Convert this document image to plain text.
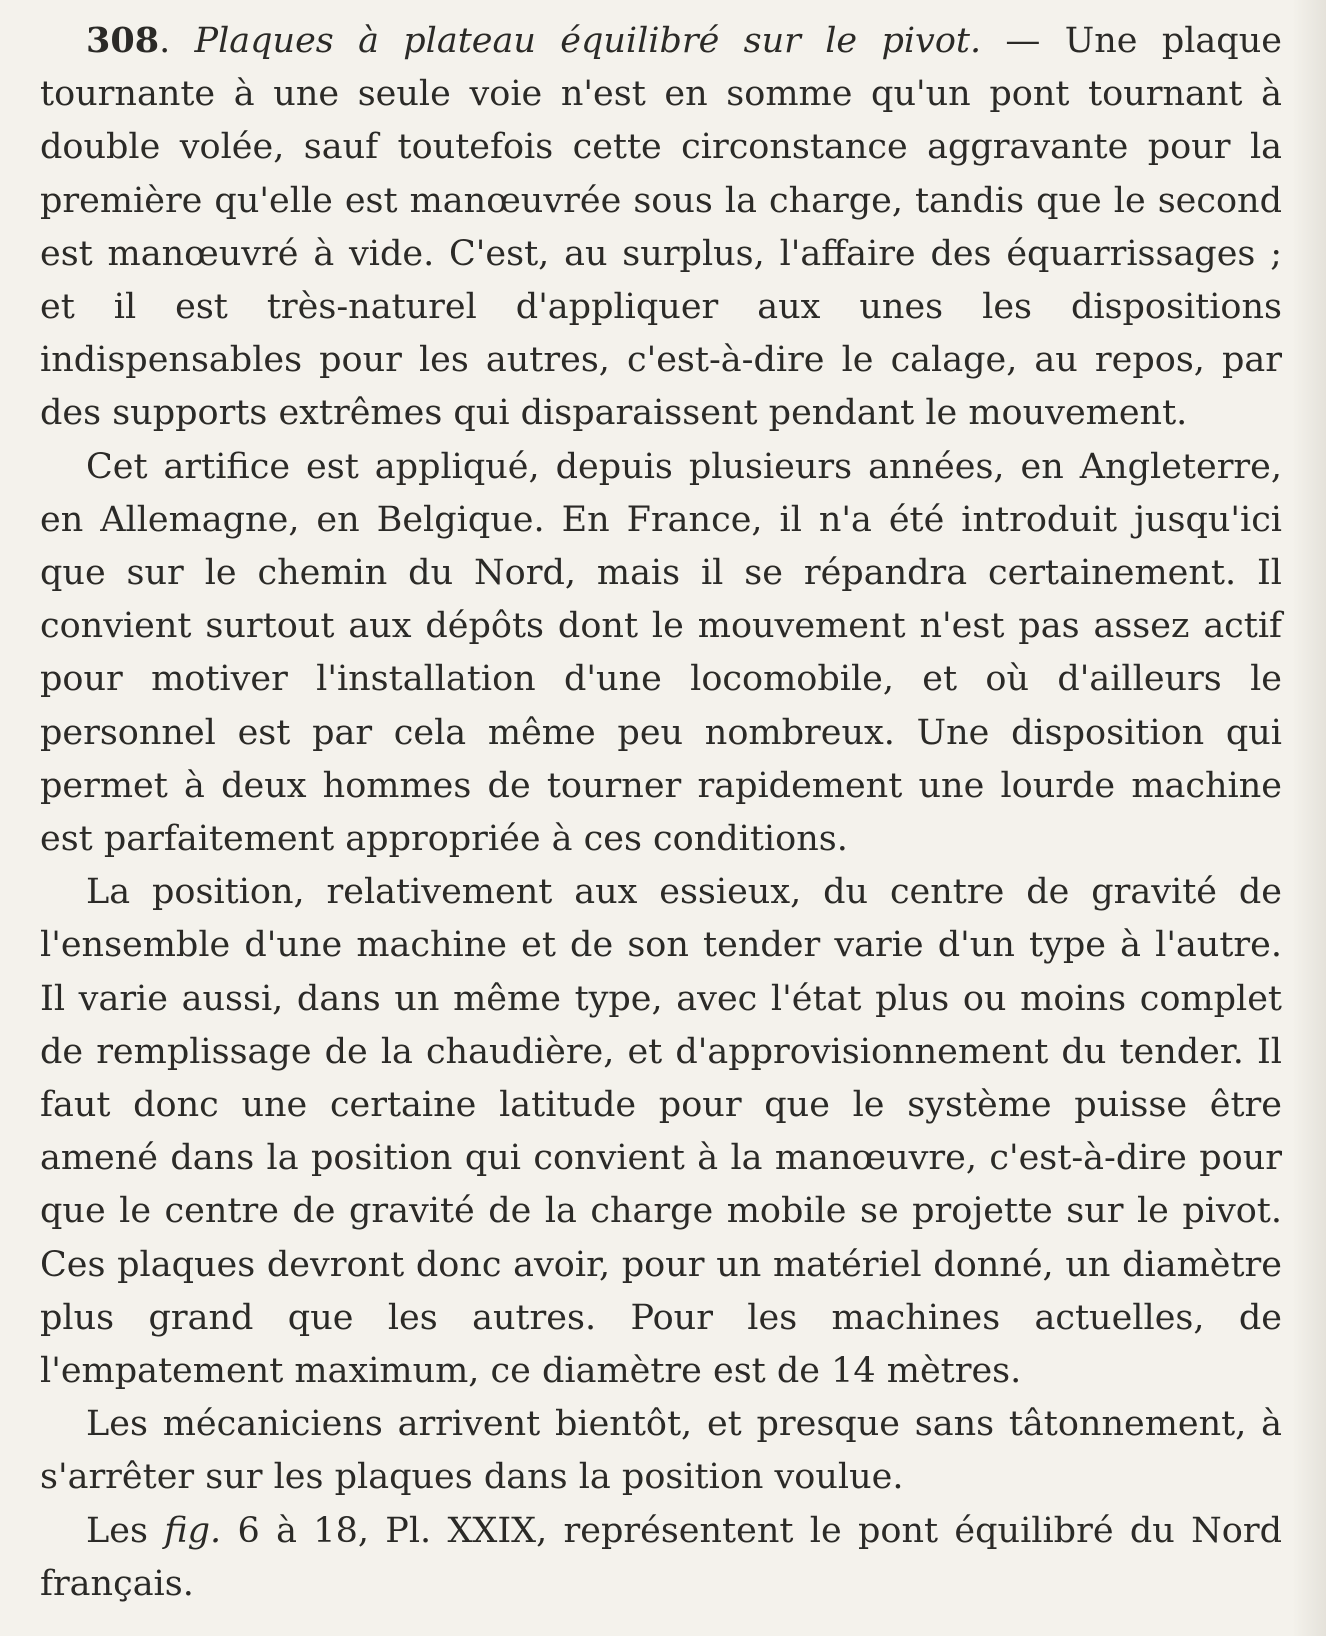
308. Plaques à plateau équilibré sur le pivot. — Une plaque tournante à une seule voie n'est en somme qu'un pont tournant à double volée, sauf toutefois cette circonstance aggravante pour la première qu'elle est manœuvrée sous la charge, tandis que le second est manœuvré à vide. C'est, au surplus, l'affaire des équarrissages ; et il est très-naturel d'appliquer aux unes les dispositions indispensables pour les autres, c'est-à-dire le calage, au repos, par des supports extrêmes qui disparaissent pendant le mouvement.

Cet artifice est appliqué, depuis plusieurs années, en Angleterre, en Allemagne, en Belgique. En France, il n'a été introduit jusqu'ici que sur le chemin du Nord, mais il se répandra certainement. Il convient surtout aux dépôts dont le mouvement n'est pas assez actif pour motiver l'installation d'une locomobile, et où d'ailleurs le personnel est par cela même peu nombreux. Une disposition qui permet à deux hommes de tourner rapidement une lourde machine est parfaitement appropriée à ces conditions.

La position, relativement aux essieux, du centre de gravité de l'ensemble d'une machine et de son tender varie d'un type à l'autre. Il varie aussi, dans un même type, avec l'état plus ou moins complet de remplissage de la chaudière, et d'approvisionnement du tender. Il faut donc une certaine latitude pour que le système puisse être amené dans la position qui convient à la manœuvre, c'est-à-dire pour que le centre de gravité de la charge mobile se projette sur le pivot. Ces plaques devront donc avoir, pour un matériel donné, un diamètre plus grand que les autres. Pour les machines actuelles, de l'empatement maximum, ce diamètre est de 14 mètres.

Les mécaniciens arrivent bientôt, et presque sans tâtonnement, à s'arrêter sur les plaques dans la position voulue.

Les fig. 6 à 18, Pl. XXIX, représentent le pont équilibré du Nord français.
